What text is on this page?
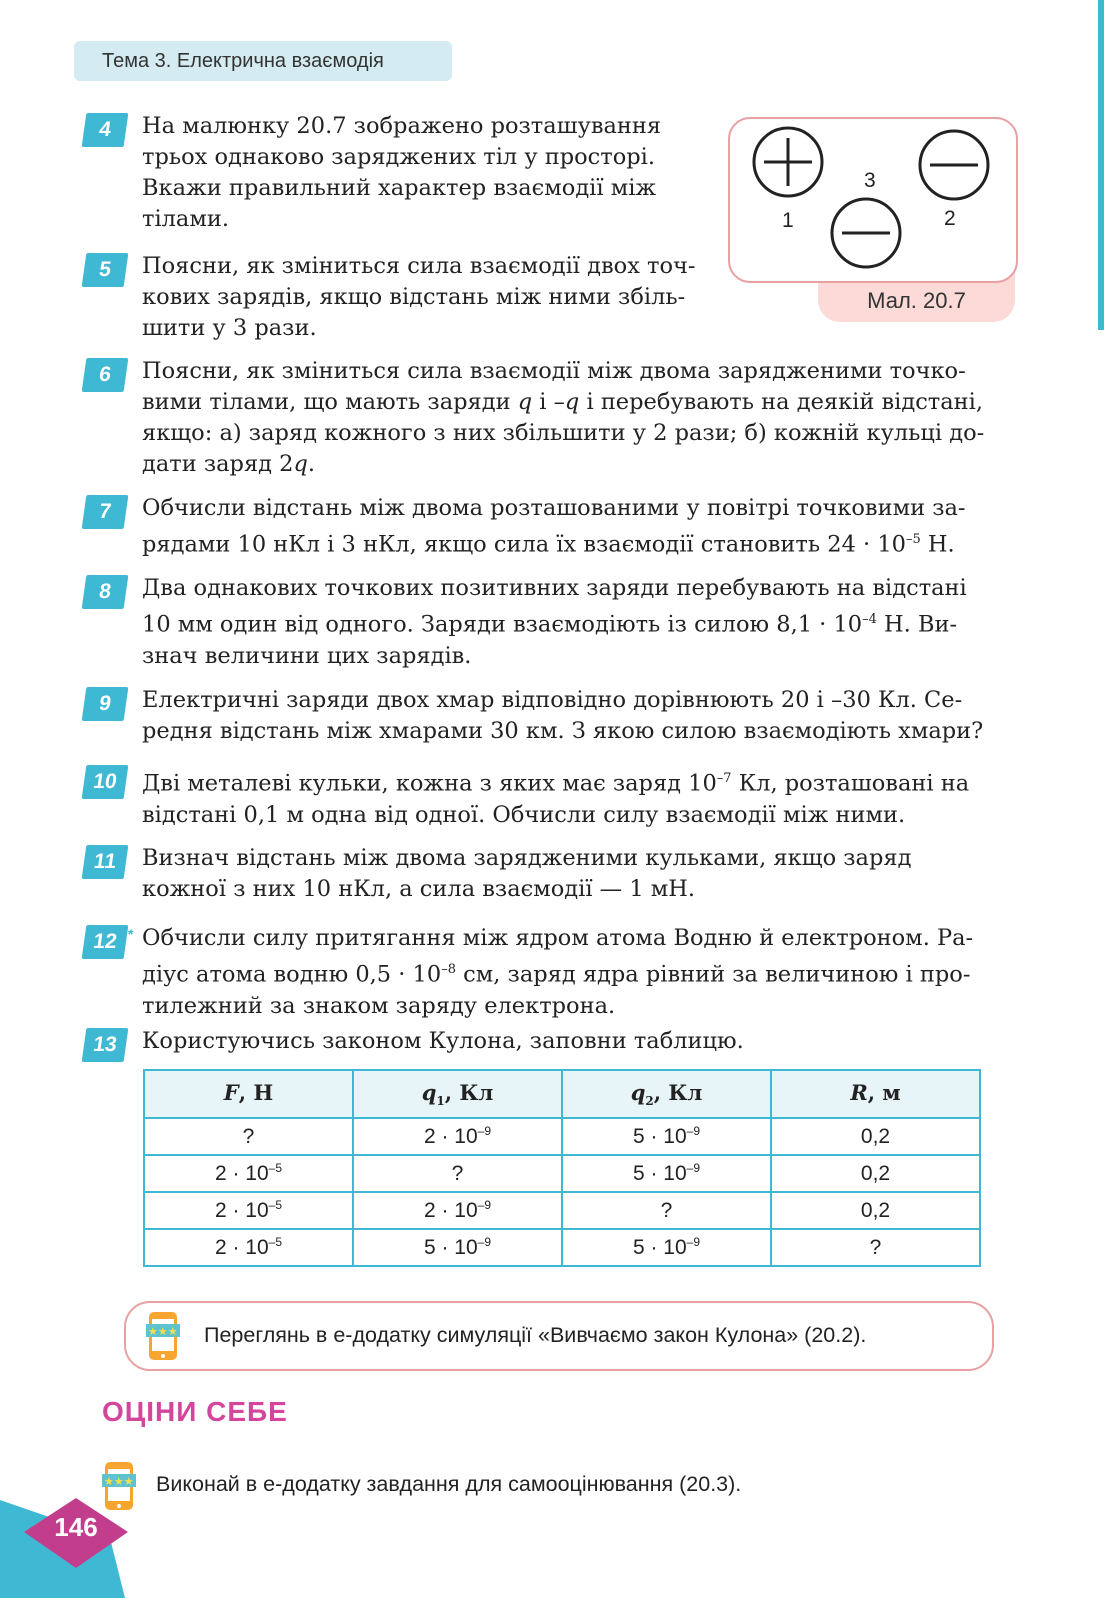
Тема 3. Електрична взаємодія
Мал. 20.7
1
3
2
4	На малюнку 20.7 зображено розташування
трьох однаково заряджених тіл у просторі.
Вкажи правильний характер взаємодії між
тілами.
5	Поясни, як зміниться сила взаємодії двох точ-
кових зарядів, якщо відстань між ними збіль-
шити у 3 рази.
6	Поясни, як зміниться сила взаємодії між двома зарядженими точко-
вими тілами, що мають заряди q і –q і перебувають на деякій відстані,
якщо: а) заряд кожного з них збільшити у 2 рази; б) кожній кульці до-
дати заряд 2q.
7	Обчисли відстань між двома розташованими у повітрі точковими за-
рядами 10 нКл і 3 нКл, якщо сила їх взаємодії становить $24 \cdot 10^{-5}$ Н.
8	Два однакових точкових позитивних заряди перебувають на відстані
10 мм один від одного. Заряди взаємодіють із силою $8,1 \cdot 10^{-4}$ Н. Ви-
знач величини цих зарядів.
9	Електричні заряди двох хмар відповідно дорівнюють 20 і –30 Кл. Се-
редня відстань між хмарами 30 км. З якою силою взаємодіють хмари?
10	Дві металеві кульки, кожна з яких має заряд $10^{-7}$ Кл, розташовані на
відстані 0,1 м одна від одної. Обчисли силу взаємодії між ними.
11	Визнач відстань між двома зарядженими кульками, якщо заряд
кожної з них 10 нКл, а сила взаємодії — 1 мН.
12 * Обчисли силу притягання між ядром атома Водню й електроном. Ра-
діус атома водню $0,5 \cdot 10^{-8}$ см, заряд ядра рівний за величиною і про-
тилежний за знаком заряду електрона.
13	Користуючись законом Кулона, заповни таблицю.
F, Н	$q_1$, Кл	$q_2$, Кл	R, м
?	$2 \cdot 10^{-9}$	$5 \cdot 10^{-9}$	0,2
$2 \cdot 10^{-5}$	?	$5 \cdot 10^{-9}$	0,2
$2 \cdot 10^{-5}$	$2 \cdot 10^{-9}$	?	0,2
$2 \cdot 10^{-5}$	$5 \cdot 10^{-9}$	$5 \cdot 10^{-9}$	?
★★★ Переглянь в е-додатку симуляції «Вивчаємо закон Кулона» (20.2).
ОЦІНИ СЕБЕ
★★★ Виконай в е-додатку завдання для самооцінювання (20.3).
146
